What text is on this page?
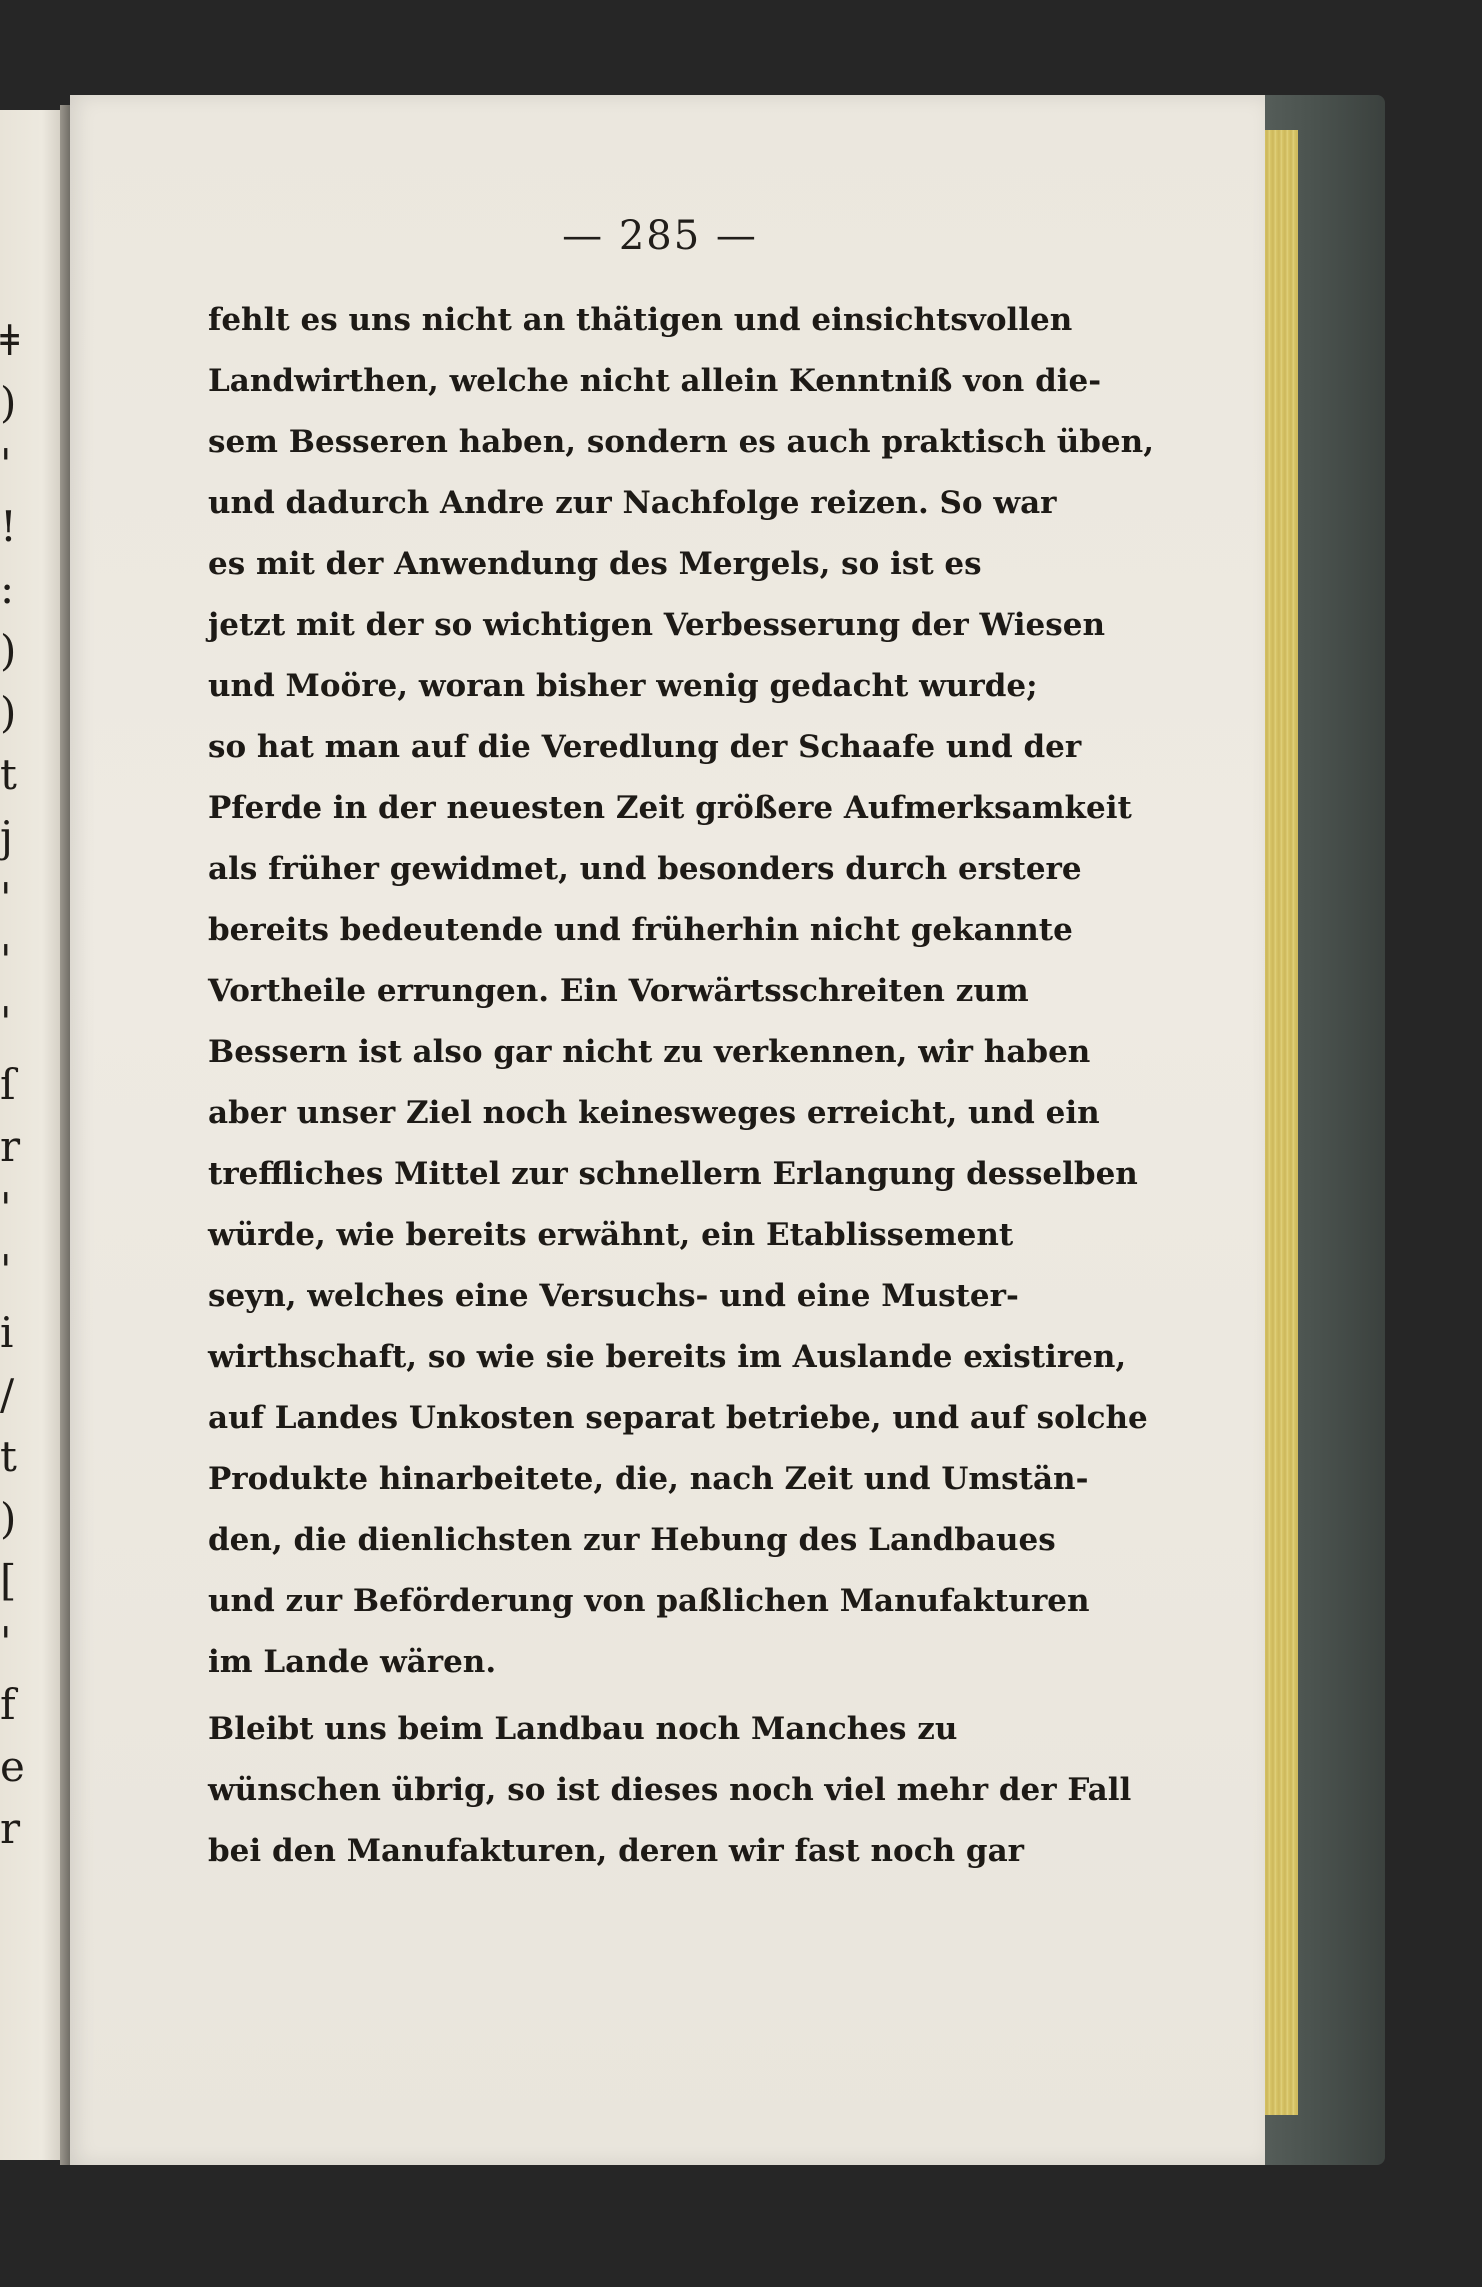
ǂ
)
'
!
:
)
)
t
j
'
'
'
ſ
r
'
'
i
/
t
)
[
'
f
e
r
— 285 —
fehlt es uns nicht an thätigen und einsichtsvollen
Landwirthen, welche nicht allein Kenntniß von die-
sem Besseren haben, sondern es auch praktisch üben,
und dadurch Andre zur Nachfolge reizen. So war
es mit der Anwendung des Mergels, so ist es
jetzt mit der so wichtigen Verbesserung der Wiesen
und Moöre, woran bisher wenig gedacht wurde;
so hat man auf die Veredlung der Schaafe und der
Pferde in der neuesten Zeit größere Aufmerksamkeit
als früher gewidmet, und besonders durch erstere
bereits bedeutende und früherhin nicht gekannte
Vortheile errungen. Ein Vorwärtsschreiten zum
Bessern ist also gar nicht zu verkennen, wir haben
aber unser Ziel noch keinesweges erreicht, und ein
treffliches Mittel zur schnellern Erlangung desselben
würde, wie bereits erwähnt, ein Etablissement
seyn, welches eine Versuchs- und eine Muster-
wirthschaft, so wie sie bereits im Auslande existiren,
auf Landes Unkosten separat betriebe, und auf solche
Produkte hinarbeitete, die, nach Zeit und Umstän-
den, die dienlichsten zur Hebung des Landbaues
und zur Beförderung von paßlichen Manufakturen
im Lande wären.
Bleibt uns beim Landbau noch Manches zu
wünschen übrig, so ist dieses noch viel mehr der Fall
bei den Manufakturen, deren wir fast noch gar
